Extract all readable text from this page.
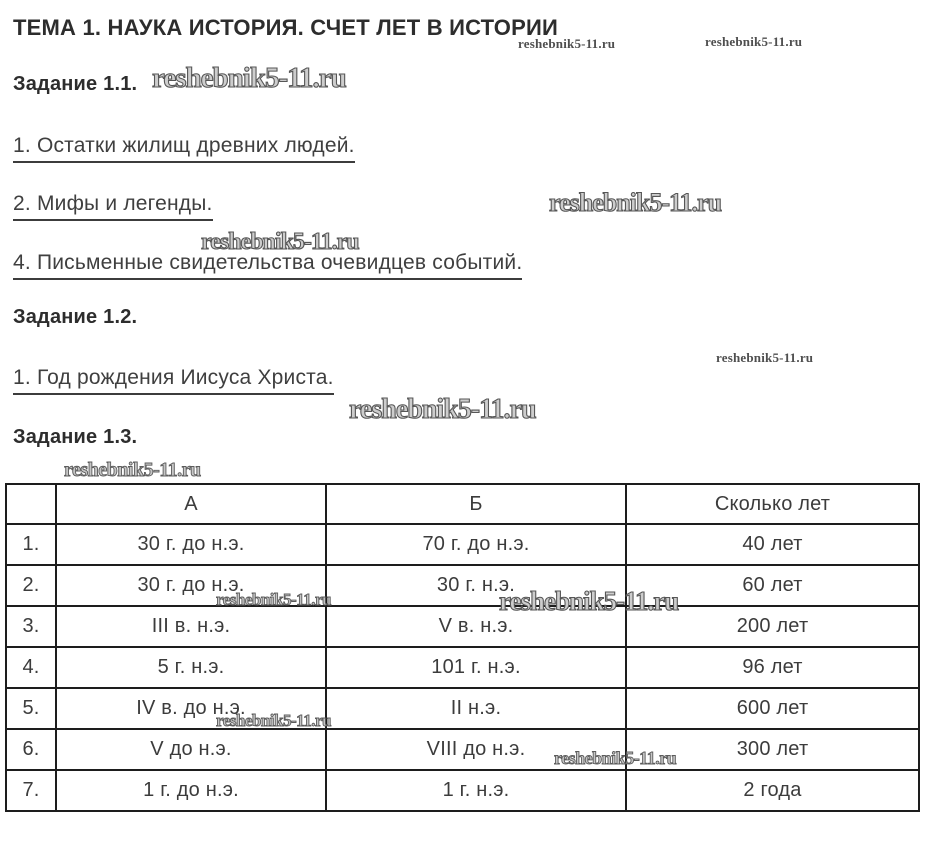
ТЕМА 1. НАУКА ИСТОРИЯ. СЧЕТ ЛЕТ В ИСТОРИИ
reshebnik5-11.ru	reshebnik5-11.ru
reshebnik5-11.ru
reshebnik5-11.ru
reshebnik5-11.ru
reshebnik5-11.ru
reshebnik5-11.ru
reshebnik5-11.ru
reshebnik5-11.ru	reshebnik5-11.ru
reshebnik5-11.ru
reshebnik5-11.ru
Задание 1.1.
1. Остатки жилищ древних людей.
2. Мифы и легенды.
4. Письменные свидетельства очевидцев событий.
Задание 1.2.
1. Год рождения Иисуса Христа.
Задание 1.3.
	А	Б	Сколько лет
1.	30 г. до н.э.	70 г. до н.э.	40 лет
2.	30 г. до н.э.	30 г. н.э.	60 лет
3.	III в. н.э.	V в. н.э.	200 лет
4.	5 г. н.э.	101 г. н.э.	96 лет
5.	IV в. до н.э.	II н.э.	600 лет
6.	V до н.э.	VIII до н.э.	300 лет
7.	1 г. до н.э.	1 г. н.э.	2 года
